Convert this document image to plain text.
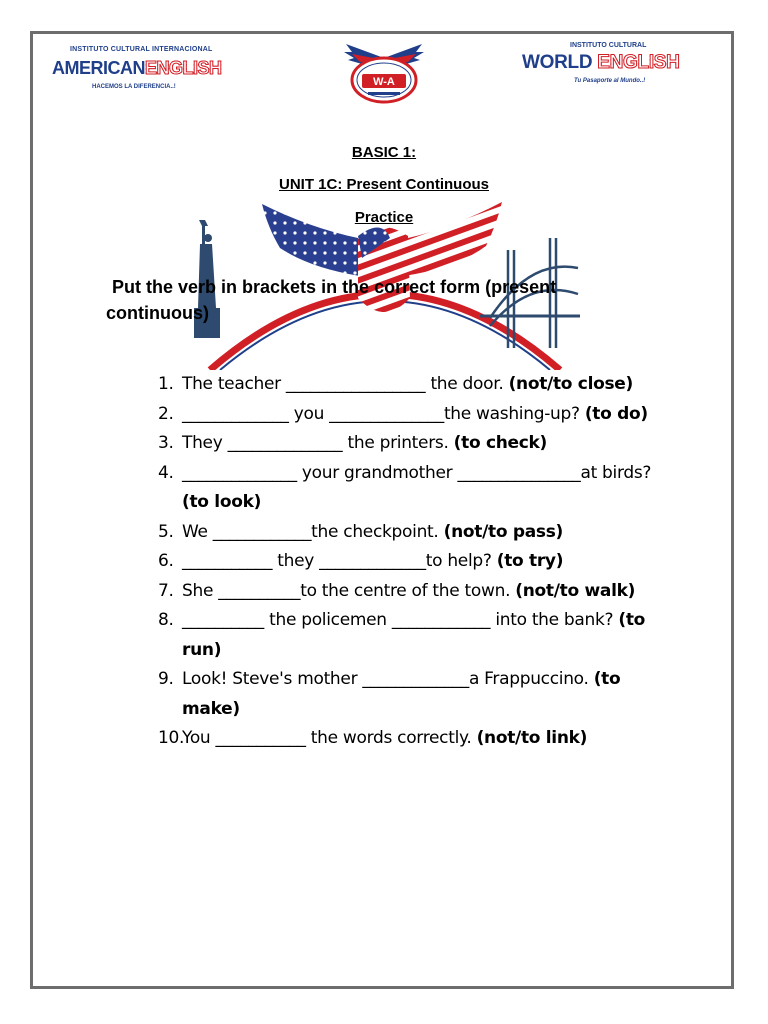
INSTITUTO CULTURAL INTERNACIONAL
AMERICANENGLISH
HACEMOS LA DIFERENCIA..!	W-A
INSTITUTO CULTURAL
WORLD ENGLISH
Tu Pasaporte al Mundo..!
BASIC 1:
UNIT 1C: Present Continuous
Practice
Put the verb in brackets in the correct form (present
continuous)
1. The teacher _________________ the door. (not/to close)
2. _____________ you ______________the washing-up? (to do)
3. They ______________ the printers. (to check)
4. ______________ your grandmother _______________at birds? (to look)
5. We ____________the checkpoint. (not/to pass)
6. ___________ they _____________to help? (to try)
7. She __________to the centre of the town. (not/to walk)
8. __________ the policemen ____________ into the bank? (to run)
9. Look! Steve's mother _____________a Frappuccino. (to make)
10.
You ___________ the words correctly. (not/to link)
